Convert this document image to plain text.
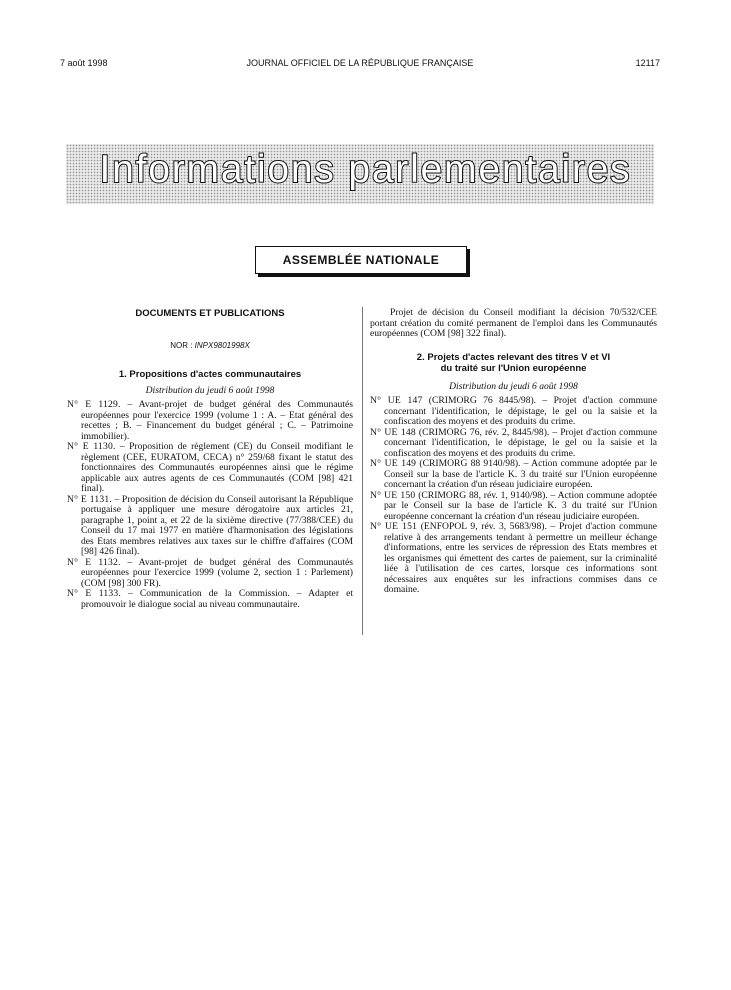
7 août 1998	JOURNAL OFFICIEL DE LA RÉPUBLIQUE FRANÇAISE	12117
Informations parlementaires
ASSEMBLÉE NATIONALE
DOCUMENTS ET PUBLICATIONS
NOR : INPX9801998X
1. Propositions d'actes communautaires
Distribution du jeudi 6 août 1998

N° E 1129. – Avant-projet de budget général des Communautés européennes pour l'exercice 1999 (volume 1 : A. – Etat général des recettes ; B. – Financement du budget général ; C. – Patrimoine immobilier).

N° E 1130. – Proposition de règlement (CE) du Conseil modifiant le règlement (CEE, EURATOM, CECA) n° 259/68 fixant le statut des fonctionnaires des Communautés européennes ainsi que le régime applicable aux autres agents de ces Communautés (COM [98] 421 final).

N° E 1131. – Proposition de décision du Conseil autorisant la République portugaise à appliquer une mesure dérogatoire aux articles 21, paragraphe 1, point a, et 22 de la sixième directive (77/388/CEE) du Conseil du 17 mai 1977 en matière d'harmonisation des législations des Etats membres relatives aux taxes sur le chiffre d'affaires (COM [98] 426 final).

N° E 1132. – Avant-projet de budget général des Communautés européennes pour l'exercice 1999 (volume 2, section 1 : Parlement) (COM [98] 300 FR).

N° E 1133. – Communication de la Commission. – Adapter et promouvoir le dialogue social au niveau communautaire.

Projet de décision du Conseil modifiant la décision 70/532/CEE portant création du comité permanent de l'emploi dans les Communautés européennes (COM [98] 322 final).

2. Projets d'actes relevant des titres V et VI
du traité sur l'Union européenne
Distribution du jeudi 6 août 1998

N° UE 147 (CRIMORG 76 8445/98). – Projet d'action commune concernant l'identification, le dépistage, le gel ou la saisie et la confiscation des moyens et des produits du crime.

N° UE 148 (CRIMORG 76, rév. 2, 8445/98). – Projet d'action commune concernant l'identification, le dépistage, le gel ou la saisie et la confiscation des moyens et des produits du crime.

N° UE 149 (CRIMORG 88 9140/98). – Action commune adoptée par le Conseil sur la base de l'article K. 3 du traité sur l'Union européenne concernant la création d'un réseau judiciaire européen.

N° UE 150 (CRIMORG 88, rév. 1, 9140/98). – Action commune adoptée par le Conseil sur la base de l'article K. 3 du traité sur l'Union européenne concernant la création d'un réseau judiciaire européen.

N° UE 151 (ENFOPOL 9, rév. 3, 5683/98). – Projet d'action commune relative à des arrangements tendant à permettre un meilleur échange d'informations, entre les services de répression des Etats membres et les organismes qui émettent des cartes de paiement, sur la criminalité liée à l'utilisation de ces cartes, lorsque ces informations sont nécessaires aux enquêtes sur les infractions commises dans ce domaine.
